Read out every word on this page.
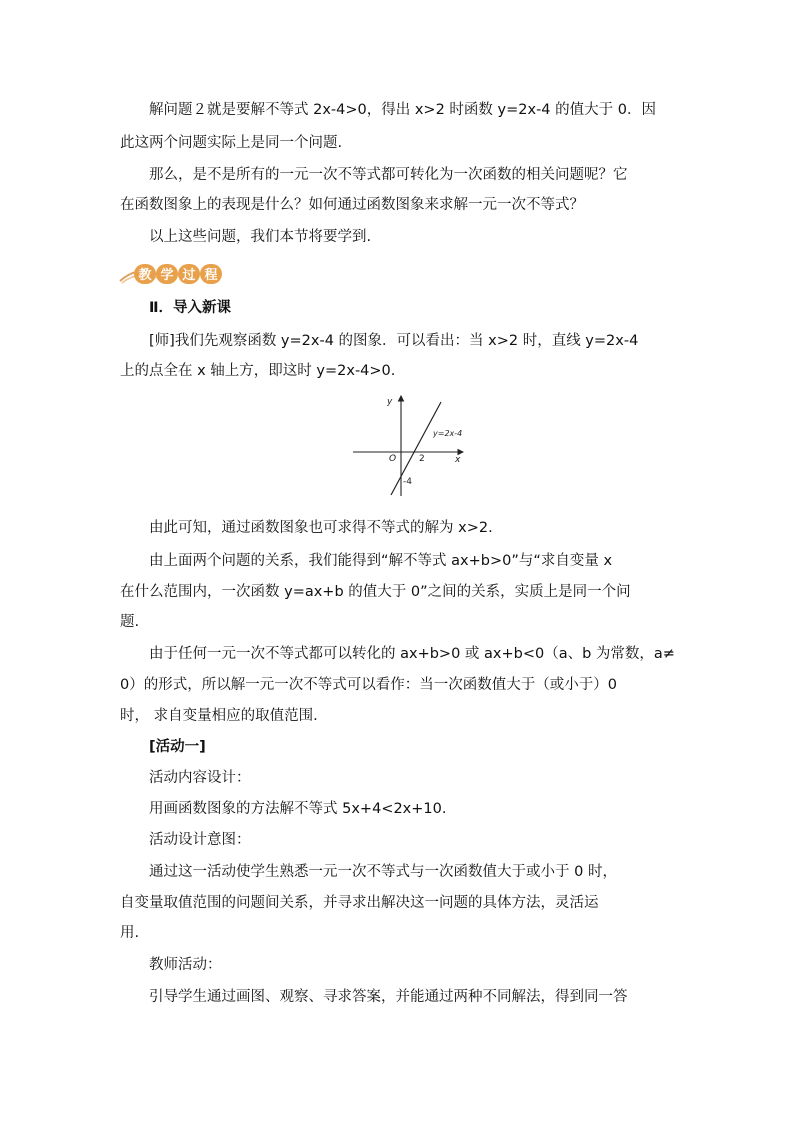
解问题２就是要解不等式 2x-4>0，得出 x>2 时函数 y=2x-4 的值大于 0．因
此这两个问题实际上是同一个问题.
那么，是不是所有的一元一次不等式都可转化为一次函数的相关问题呢？它
在函数图象上的表现是什么？如何通过函数图象来求解一元一次不等式？
以上这些问题，我们本节将要学到.
教 学 过 程
Ⅱ．导入新课
[师]我们先观察函数 y=2x-4 的图象．可以看出：当 x>2 时，直线 y=2x-4
上的点全在 x 轴上方，即这时 y=2x-4>0.
y
x
O	2
-4
y=2x-4
由此可知，通过函数图象也可求得不等式的解为 x>2.
由上面两个问题的关系，我们能得到“解不等式 ax+b>0”与“求自变量 x
在什么范围内，一次函数 y=ax+b 的值大于 0”之间的关系，实质上是同一个问
题.
由于任何一元一次不等式都可以转化的 ax+b>0 或 ax+b<0（a、b 为常数，a≠
0）的形式，所以解一元一次不等式可以看作：当一次函数值大于（或小于）0
时， 求自变量相应的取值范围.
[活动一]
活动内容设计：
用画函数图象的方法解不等式 5x+4<2x+10.
活动设计意图：
通过这一活动使学生熟悉一元一次不等式与一次函数值大于或小于 0 时，
自变量取值范围的问题间关系，并寻求出解决这一问题的具体方法，灵活运
用.
教师活动：
引导学生通过画图、观察、寻求答案，并能通过两种不同解法，得到同一答
